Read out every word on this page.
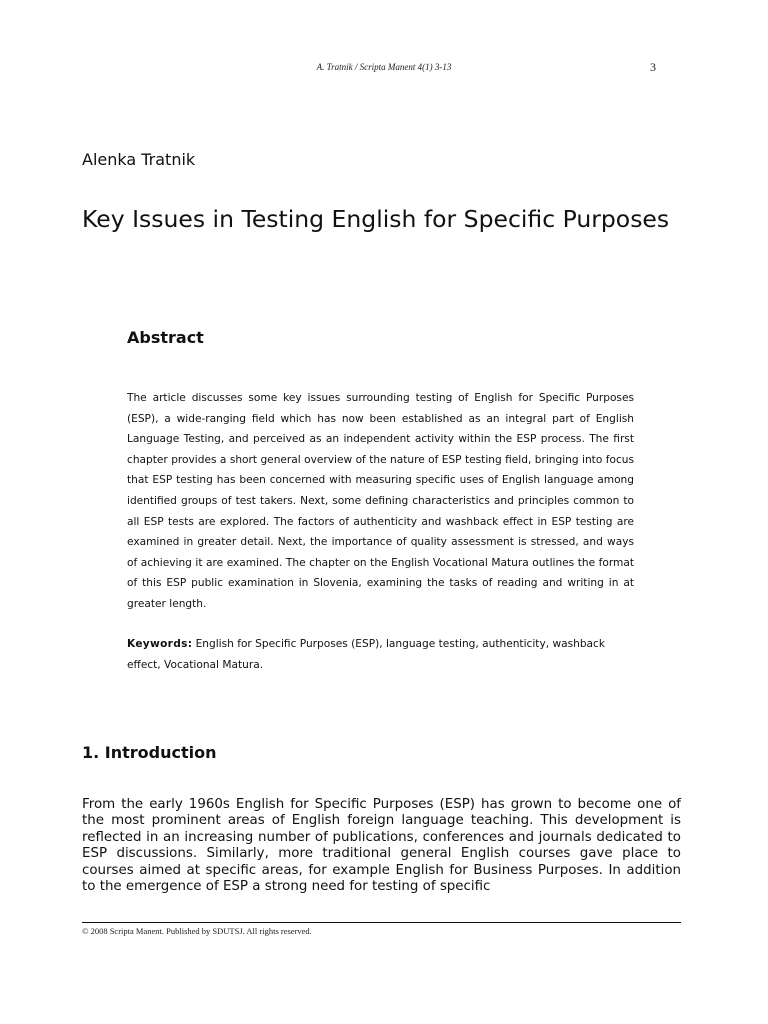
A. Tratnik / Scripta Manent 4(1) 3-13	3
Alenka Tratnik
Key Issues in Testing English for Specific Purposes
Abstract
The article discusses some key issues surrounding testing of English for Specific Purposes (ESP), a wide-ranging field which has now been established as an integral part of English Language Testing, and perceived as an independent activity within the ESP process. The first chapter provides a short general overview of the nature of ESP testing field, bringing into focus that ESP testing has been concerned with measuring specific uses of English language among identified groups of test takers. Next, some defining characteristics and principles common to all ESP tests are explored. The factors of authenticity and washback effect in ESP testing are examined in greater detail. Next, the importance of quality assessment is stressed, and ways of achieving it are examined. The chapter on the English Vocational Matura outlines the format of this ESP public examination in Slovenia, examining the tasks of reading and writing in at greater length.
Keywords: English for Specific Purposes (ESP), language testing, authenticity, washback effect, Vocational Matura.
1. Introduction
From the early 1960s English for Specific Purposes (ESP) has grown to become one of the most prominent areas of English foreign language teaching. This development is reflected in an increasing number of publications, conferences and journals dedicated to ESP discussions. Similarly, more traditional general English courses gave place to courses aimed at specific areas, for example English for Business Purposes. In addition to the emergence of ESP a strong need for testing of specific
© 2008 Scripta Manent. Published by SDUTSJ. All rights reserved.
